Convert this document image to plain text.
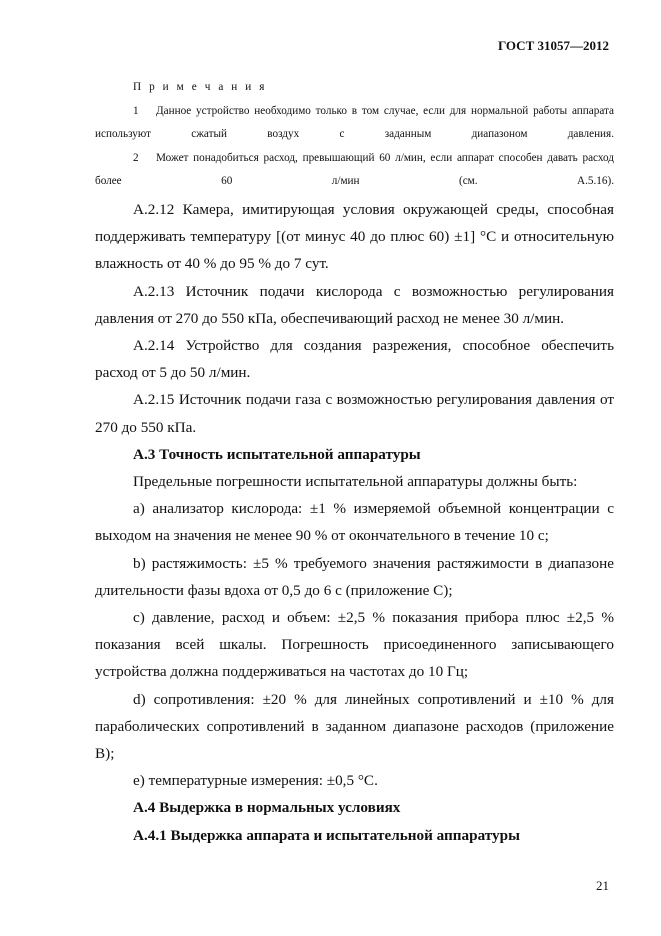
ГОСТ 31057—2012
П р и м е ч а н и я
1 Данное устройство необходимо только в том случае, если для нормальной работы аппарата используют сжатый воздух с заданным диапазоном давления.
2 Может понадобиться расход, превышающий 60 л/мин, если аппарат способен давать расход более 60 л/мин (см. А.5.16).

А.2.12 Камера, имитирующая условия окружающей среды, способная поддерживать температуру [(от минус 40 до плюс 60) ±1] °С и относительную влажность от 40 % до 95 % до 7 сут.

А.2.13 Источник подачи кислорода с возможностью регулирования давления от 270 до 550 кПа, обеспечивающий расход не менее 30 л/мин.

А.2.14 Устройство для создания разрежения, способное обеспечить расход от 5 до 50 л/мин.

А.2.15 Источник подачи газа с возможностью регулирования давления от 270 до 550 кПа.

А.3 Точность испытательной аппаратуры

Предельные погрешности испытательной аппаратуры должны быть:

а) анализатор кислорода: ±1 % измеряемой объемной концентрации с выходом на значения не менее 90 % от окончательного в течение 10 с;

b) растяжимость: ±5 % требуемого значения растяжимости в диапазоне длительности фазы вдоха от 0,5 до 6 с (приложение С);

с) давление, расход и объем: ±2,5 % показания прибора плюс ±2,5 % показания всей шкалы. Погрешность присоединенного записывающего устройства должна поддерживаться на частотах до 10 Гц;

d) сопротивления: ±20 % для линейных сопротивлений и ±10 % для параболических сопротивлений в заданном диапазоне расходов (приложение В);

е) температурные измерения: ±0,5 °С.

А.4 Выдержка в нормальных условиях

А.4.1 Выдержка аппарата и испытательной аппаратуры

21
